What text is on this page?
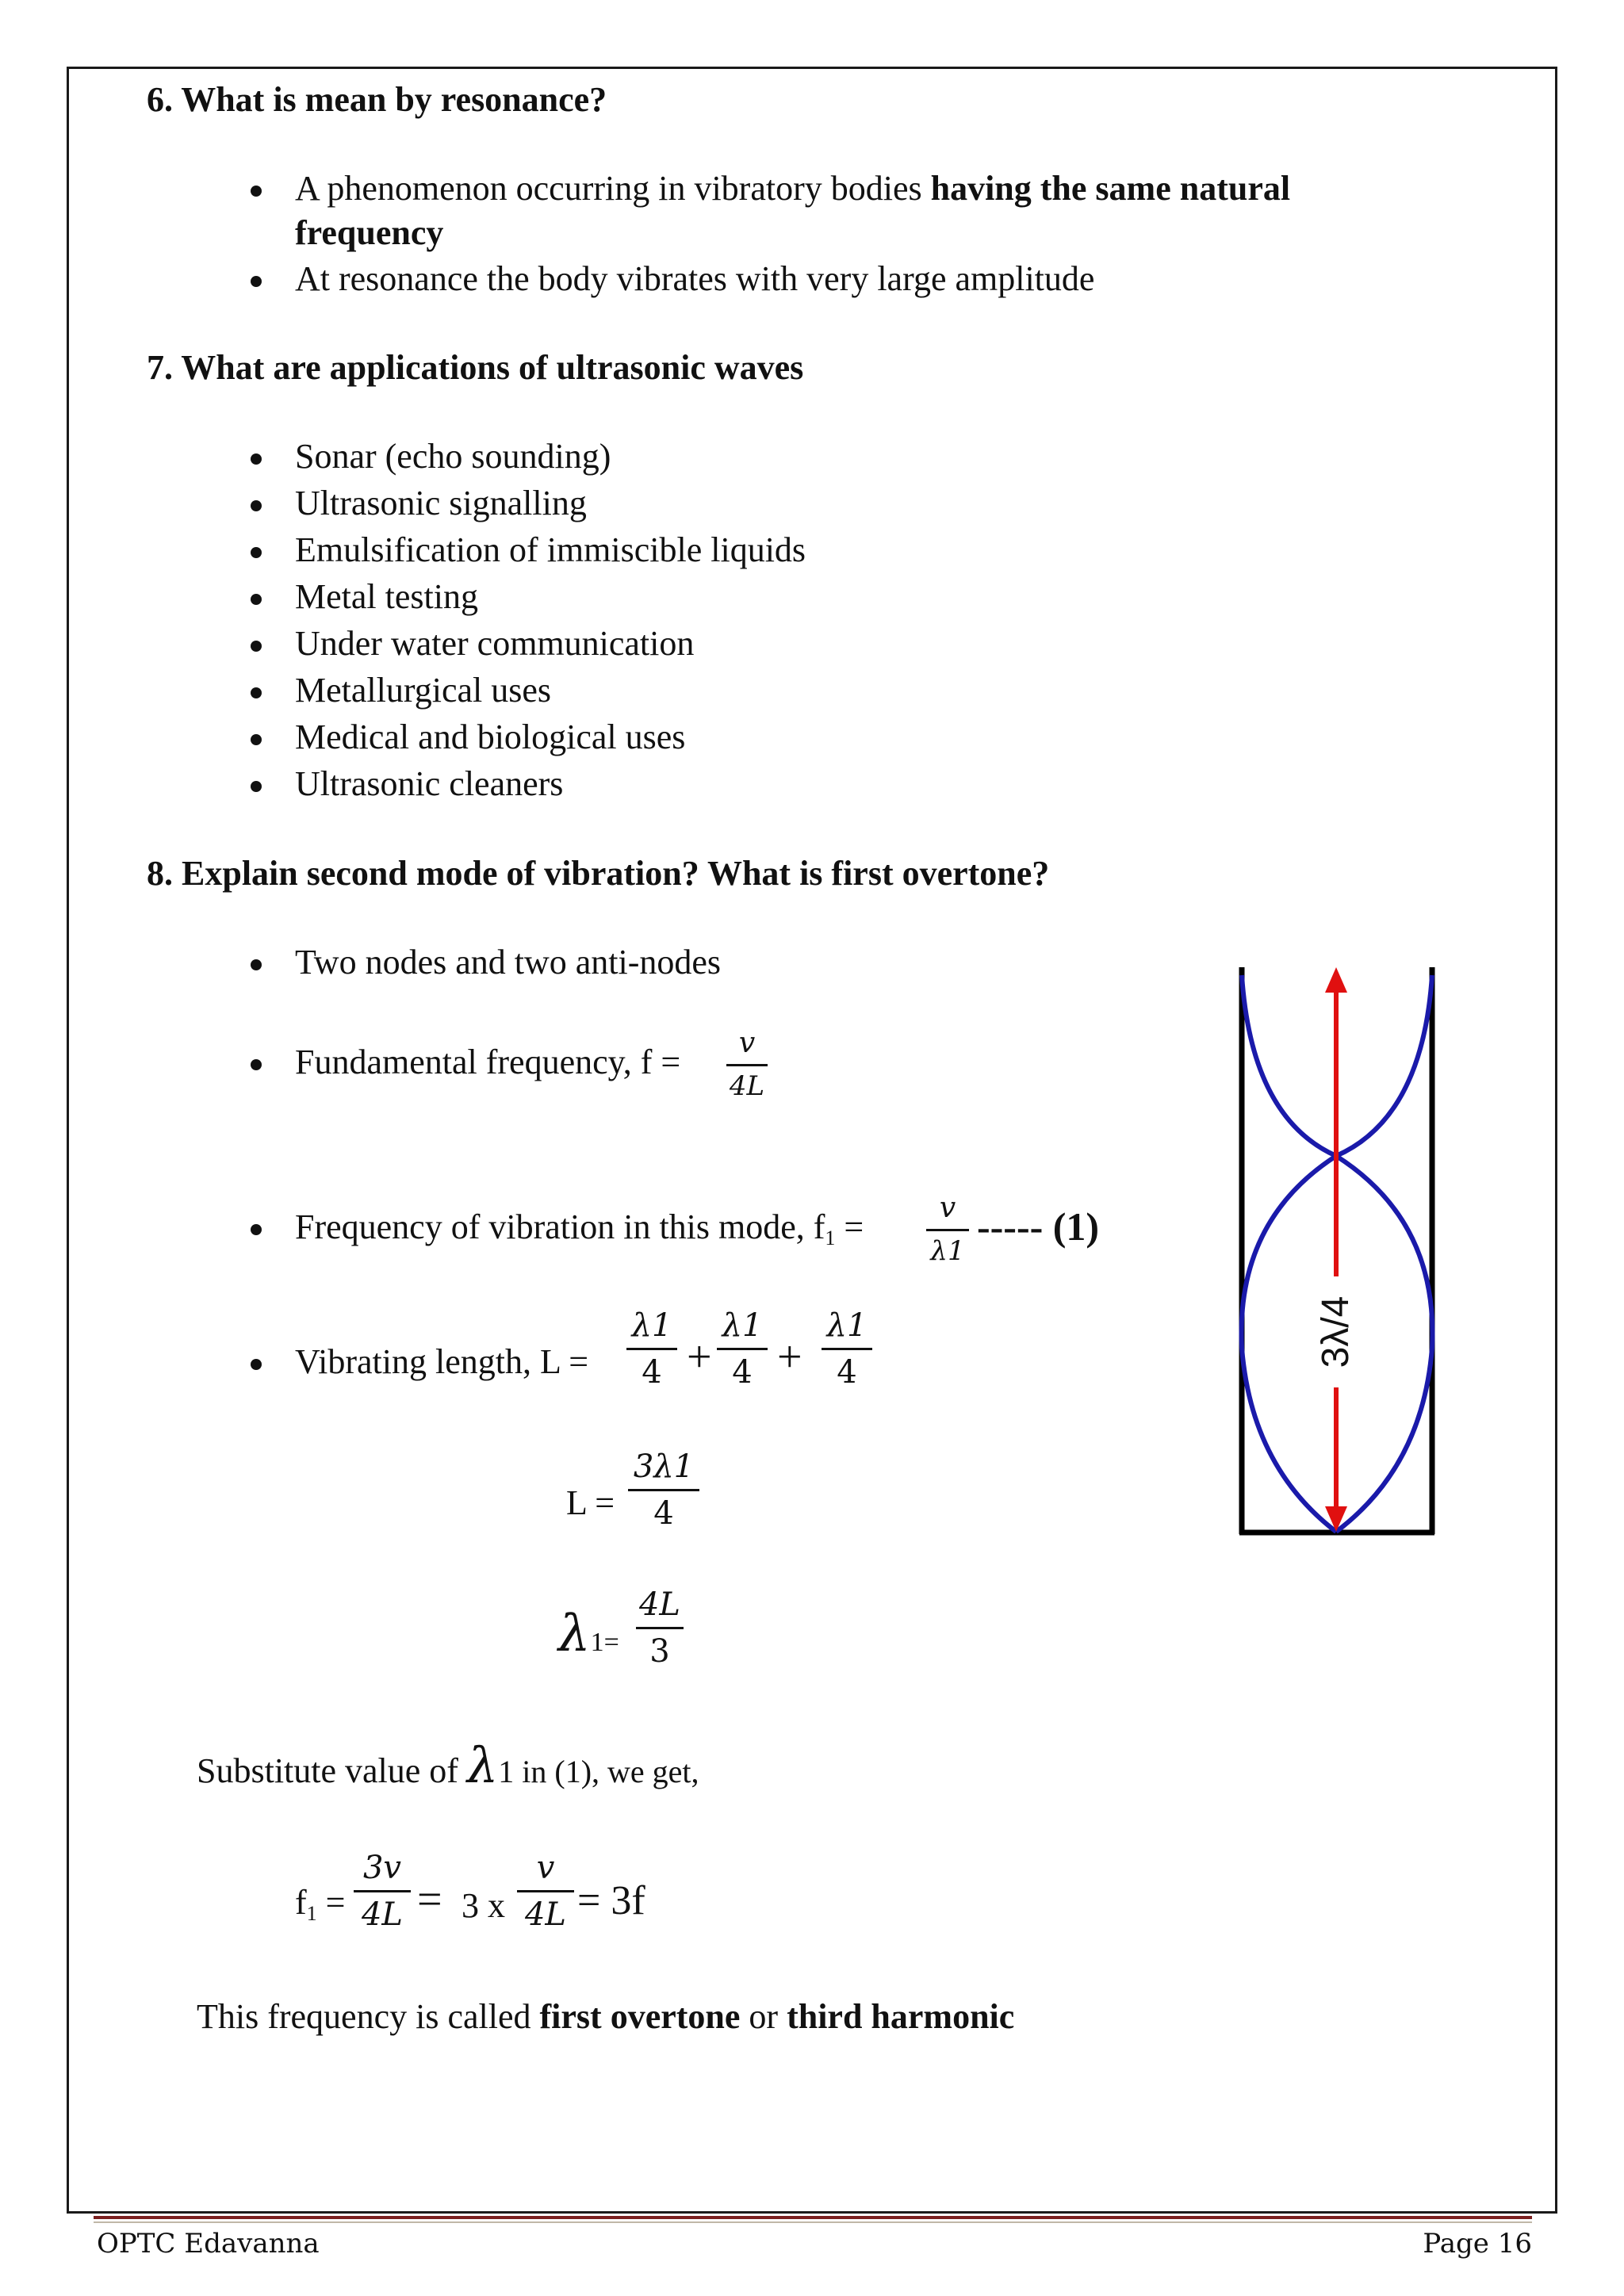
6. What is mean by resonance?
A phenomenon occurring in vibratory bodies having the same natural
frequency
At resonance the body vibrates with very large amplitude
7. What are applications of ultrasonic waves
Sonar (echo sounding)
Ultrasonic signalling
Emulsification of immiscible liquids
Metal testing
Under water communication
Metallurgical uses
Medical and biological uses
Ultrasonic cleaners
8. Explain second mode of vibration? What is first overtone?
Two nodes and two anti-nodes
Fundamental frequency, f = v
4L
Frequency of vibration in this mode, $f_1$ =	v
λ1
----- (1)
Vibrating length, L =
λ1
4 +
λ1
4 +
λ1
4
L =
3λ1
4
λ1=
4L
3
Substitute value of λ1 in (1), we get,
$f_1$ =
3v
4L = 3 x
v
4L = 3f
This frequency is called first overtone or third harmonic
3λ/4
OPTC Edavanna	Page 16
